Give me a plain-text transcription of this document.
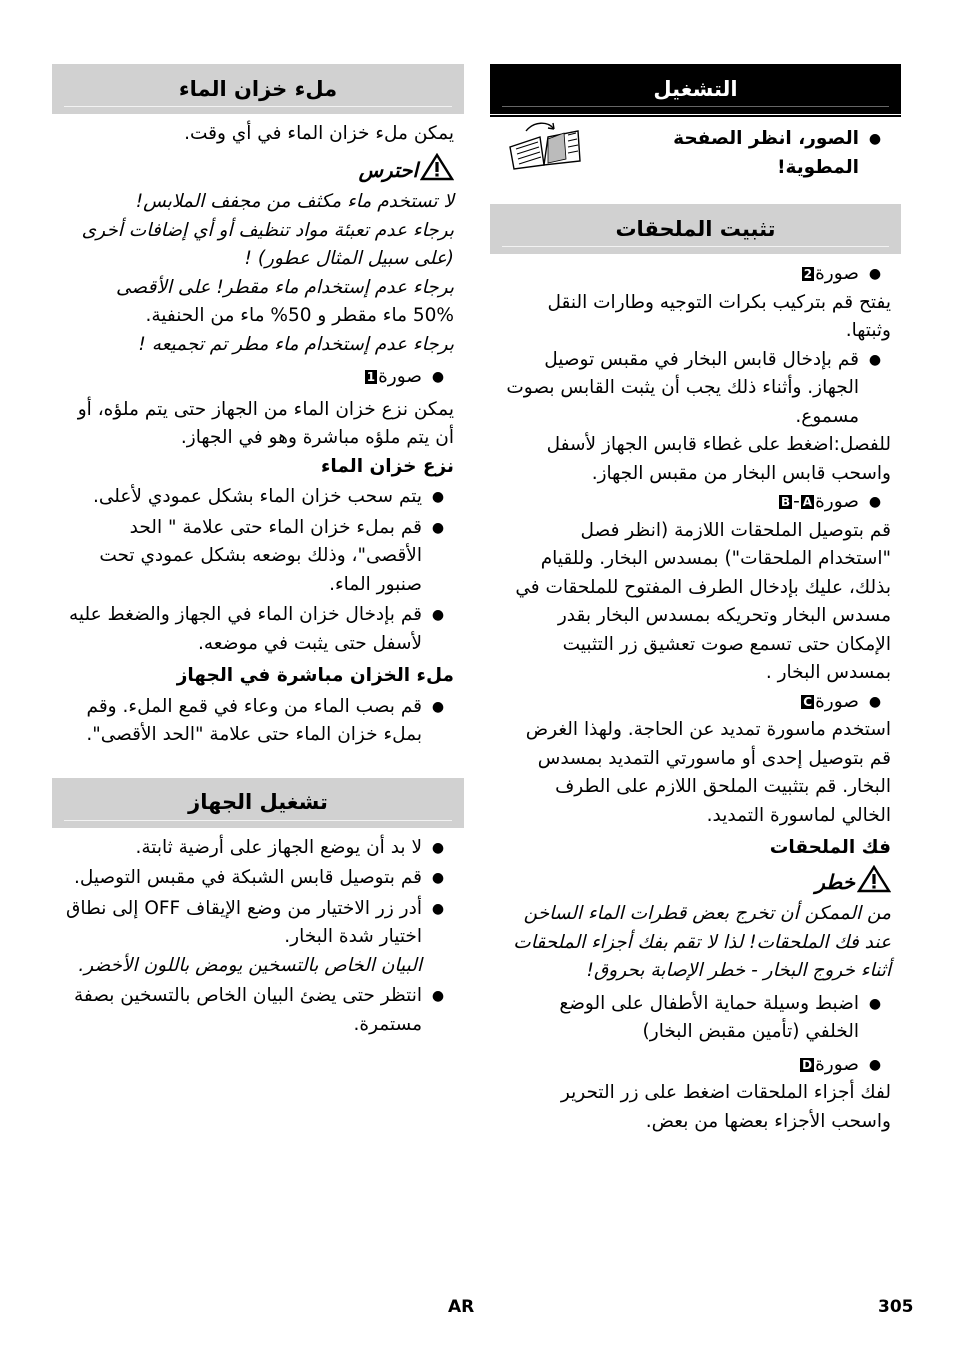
التشغيل
●
الصور، انظر الصفحة المطوية!
تثبيت الملحقات
●
صورة2

يفتح قم بتركيب بكرات التوجيه وطارات النقل وثبتها.

●
قم بإدخال قابس البخار في مقبس توصيل الجهاز. وأثناء ذلك يجب أن يثبت القابس بصوت مسموع.

للفصل:اضغط على غطاء قابس الجهاز لأسفل واسحب قابس البخار من مقبس الجهاز.

●
صورةA-B

قم بتوصيل الملحقات اللازمة (انظر فصل "استخدام الملحقات") بمسدس البخار. وللقيام بذلك، عليك بإدخال الطرف المفتوح للملحقات في مسدس البخار وتحريكه بمسدس البخار بقدر الإمكان حتى تسمع صوت تعشيق زر التثبيت بمسدس البخار .

●
صورةC

استخدم ماسورة تمديد عن الحاجة. ولهذا الغرض قم بتوصيل إحدى أو ماسورتي التمديد بمسدس البخار. قم بتثبيت الملحق اللازم على الطرف الخالي لماسورة التمديد.

فك الملحقات
خطر

من الممكن أن تخرج بعض قطرات الماء الساخن عند فك الملحقات! لذا لا تقم بفك أجزاء الملحقات أثناء خروج البخار - خطر الإصابة بحروق!

●
اضبط وسيلة حماية الأطفال على الوضع الخلفي (تأمين مقبض البخار)
●
صورةD

لفك أجزاء الملحقات اضغط على زر التحرير واسحب الأجزاء بعضها من بعض.

ملء خزان الماء

يمكن ملء خزان الماء في أي وقت.

احترس

لا تستخدم ماء مكثف من مجفف الملابس!

برجاء عدم تعبئة مواد تنظيف أو أي إضافات أخرى (على سبيل المثال عطور) !

برجاء عدم إستخدام ماء مقطر! على الأقصى

50% ماء مقطر و 50% ماء من الحنفية.

برجاء عدم إستخدام ماء مطر تم تجميعه !

●
صورة1

يمكن نزع خزان الماء من الجهاز حتى يتم ملؤه، أو أن يتم ملؤه مباشرة وهو في الجهاز.

نزع خزان الماء
●
يتم سحب خزان الماء بشكل عمودي لأعلى.
●
قم بملء خزان الماء حتى علامة " الحد الأقصى"، وذلك بوضعه بشكل عمودي تحت صنبور الماء.
●
قم بإدخال خزان الماء في الجهاز والضغط عليه لأسفل حتى يثبت في موضعه.
ملء الخزان مباشرة في الجهاز
●
قم بصب الماء من وعاء في قمع الملء. وقم بملء خزان الماء حتى علامة "الحد الأقصى".
تشغيل الجهاز
●
لا بد أن يوضع الجهاز على أرضية ثابتة.
●
قم بتوصيل قابس الشبكة في مقبس التوصيل.
●
أدر زر الاختيار من وضع الإيقاف OFF إلى نطاق اختيار شدة البخار.

البيان الخاص بالتسخين يومض باللون الأخضر.

●
انتظر حتى يضئ البيان الخاص بالتسخين بصفة مستمرة.
AR	305
